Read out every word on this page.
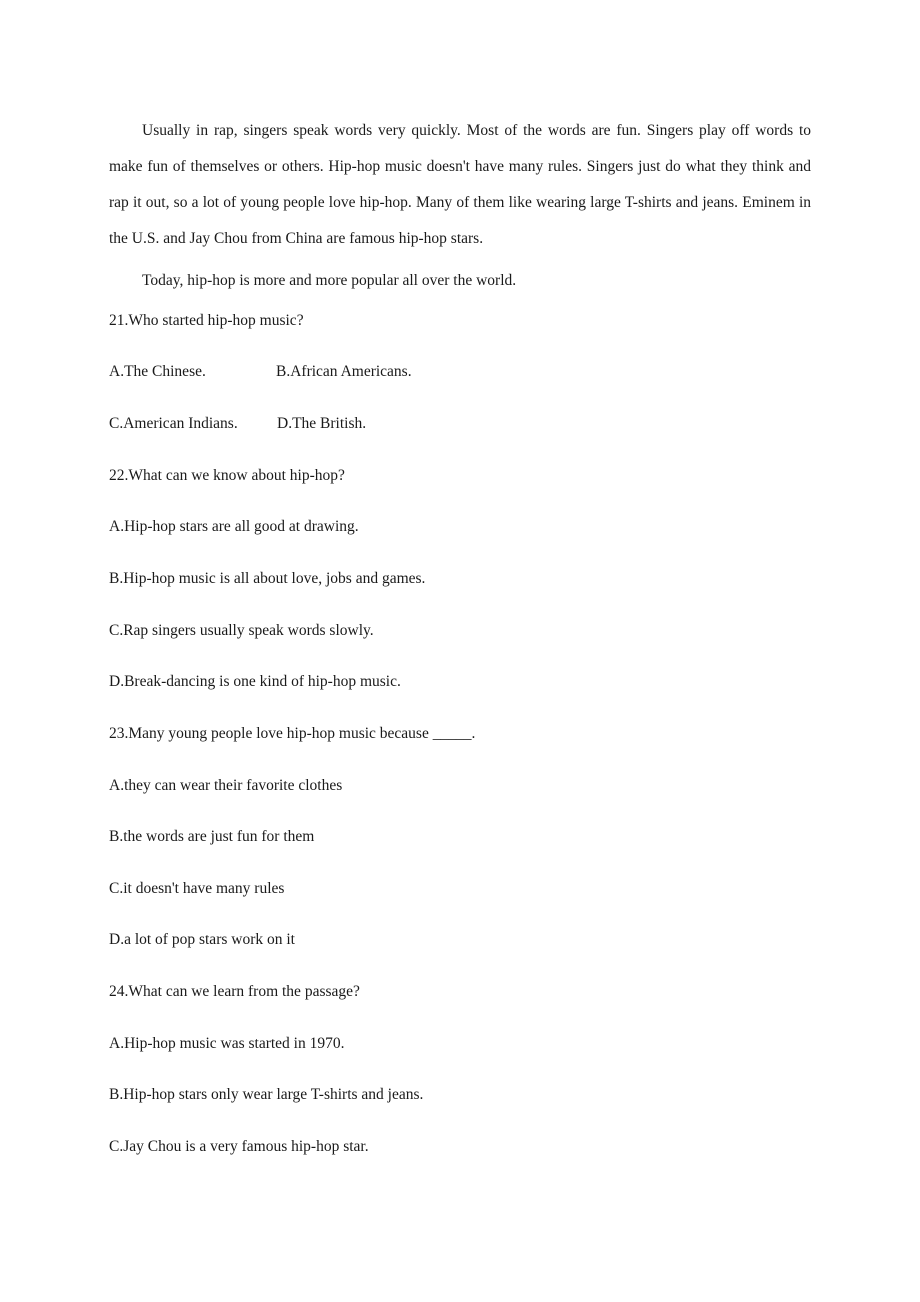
Usually in rap, singers speak words very quickly. Most of the words are fun. Singers play off words to make fun of themselves or others. Hip-hop music doesn't have many rules. Singers just do what they think and rap it out, so a lot of young people love hip-hop. Many of them like wearing large T-shirts and jeans. Eminem in the U.S. and Jay Chou from China are famous hip-hop stars.

Today, hip-hop is more and more popular all over the world.

21.Who started hip-hop music?
A.The Chinese.	B.African Americans.
C.American Indians.	D.The British.
22.What can we know about hip-hop?
A.Hip-hop stars are all good at drawing.
B.Hip-hop music is all about love, jobs and games.
C.Rap singers usually speak words slowly.
D.Break-dancing is one kind of hip-hop music.
23.Many young people love hip-hop music because _____.
A.they can wear their favorite clothes
B.the words are just fun for them
C.it doesn't have many rules
D.a lot of pop stars work on it
24.What can we learn from the passage?
A.Hip-hop music was started in 1970.
B.Hip-hop stars only wear large T-shirts and jeans.
C.Jay Chou is a very famous hip-hop star.
